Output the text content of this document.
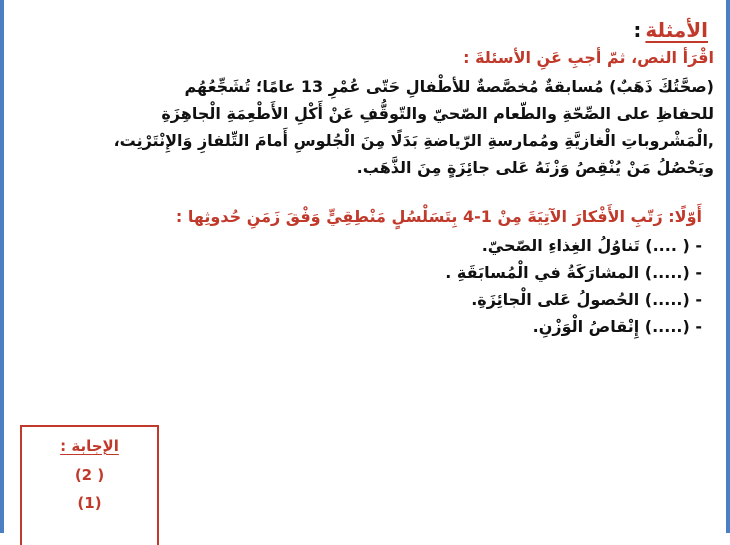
الأمثلة:
اقْرَأ النص، ثمّ أجبِ عَنِ الأسئلةَ :
(صحَّتُكَ ذَهَبٌ) مُسابقةٌ مُخصَّصةٌ للأطْفالِ حَتّى عُمْرِ 13 عامًا؛ تُشَجِّعُهُم
للحفاظِ على الصِّحّةِ والطّعام الصّحيّ والتّوقُّفِ عَنْ أَكْلِ الأَطْعِمَةِ الْجاهِزَةِ
,الْمَشْروباتِ الْغازيَّةِ ومُمارسةِ الرّياضةِ بَدَلًا مِنَ الْجُلوسِ أَمامَ التِّلفازِ وَالإِنْتَرْنِت،
ويَحْصُلُ مَنْ يُنْقِصُ وَزْنَهُ عَلى جائِزَةٍ مِنَ الذَّهَب.
أَوّلًا: رَتّبِ الأَفْكارَ الآتِيَةَ مِنْ 1-4 بِتَسَلْسُلٍ مَنْطِقِيٍّ وَفْقَ زَمَنِ حُدوثِها :
- ( ....) تَناوُلُ الغِذاءِ الصّحيّ.
- (.....) المشارَكَةُ في الْمُسابَقَةِ .
- (.....) الحُصولُ عَلى الْجائِزَةِ.
- (.....) إِنْقاصُ الْوَزْنِ.
الإجابة :
( 2)
(1)
